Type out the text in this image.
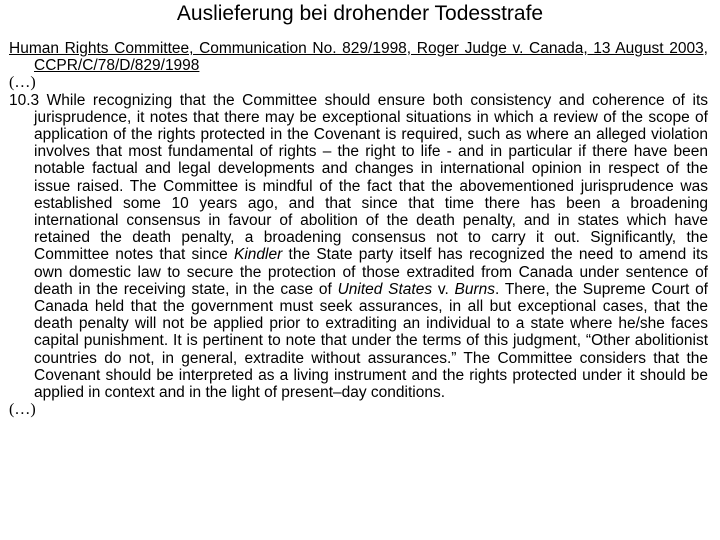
Auslieferung bei drohender Todesstrafe

Human Rights Committee, Communication No. 829/1998, Roger Judge v. Canada, 13 August 2003, CCPR/C/78/D/829/1998

(…)

10.3 While recognizing that the Committee should ensure both consistency and coherence of its jurisprudence, it notes that there may be exceptional situations in which a review of the scope of application of the rights protected in the Covenant is required, such as where an alleged violation involves that most fundamental of rights – the right to life - and in particular if there have been notable factual and legal developments and changes in international opinion in respect of the issue raised. The Committee is mindful of the fact that the abovementioned jurisprudence was established some 10 years ago, and that since that time there has been a broadening international consensus in favour of abolition of the death penalty, and in states which have retained the death penalty, a broadening consensus not to carry it out. Significantly, the Committee notes that since Kindler the State party itself has recognized the need to amend its own domestic law to secure the protection of those extradited from Canada under sentence of death in the receiving state, in the case of United States v. Burns. There, the Supreme Court of Canada held that the government must seek assurances, in all but exceptional cases, that the death penalty will not be applied prior to extraditing an individual to a state where he/she faces capital punishment. It is pertinent to note that under the terms of this judgment, “Other abolitionist countries do not, in general, extradite without assurances.” The Committee considers that the Covenant should be interpreted as a living instrument and the rights protected under it should be applied in context and in the light of present–day conditions.

(…)
